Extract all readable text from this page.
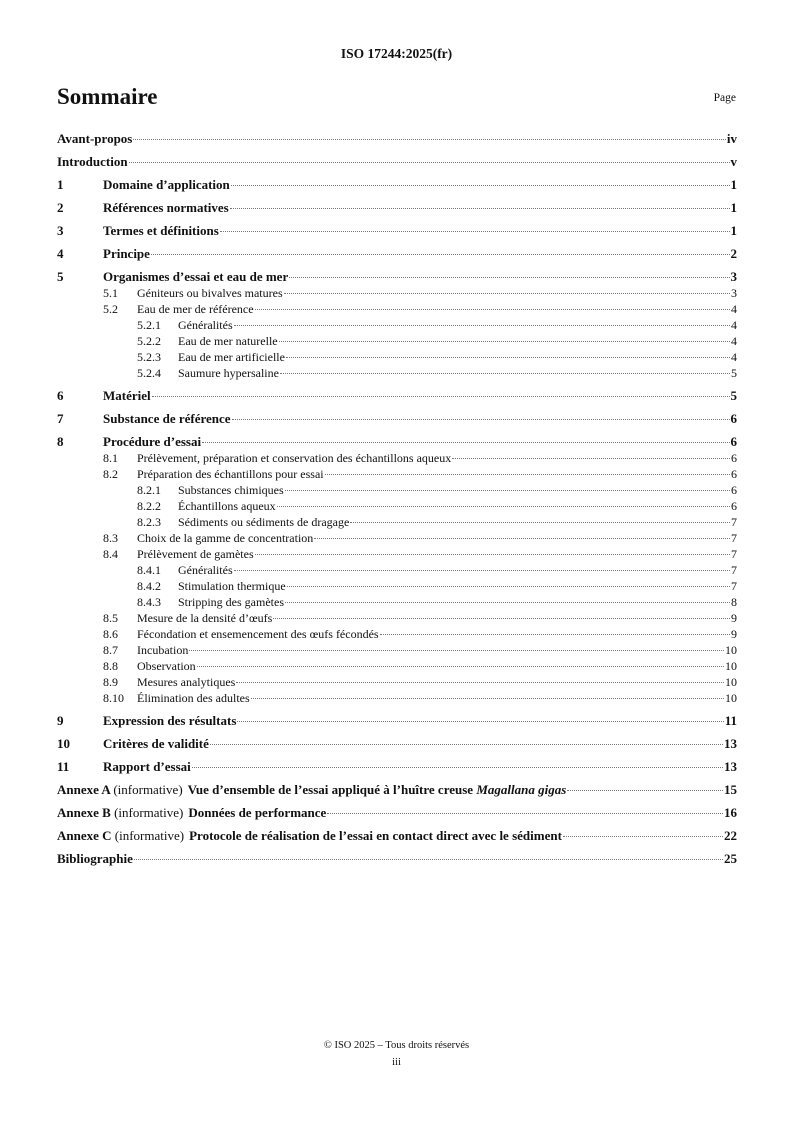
ISO 17244:2025(fr)
Sommaire	Page
Avant-propos	iv
Introduction	v
1	Domaine d’application	1
2	Références normatives	1
3	Termes et définitions	1
4	Principe	2
5	Organismes d’essai et eau de mer	3
5.1	Géniteurs ou bivalves matures	3
5.2	Eau de mer de référence	4
5.2.1	Généralités	4
5.2.2	Eau de mer naturelle	4
5.2.3	Eau de mer artificielle	4
5.2.4	Saumure hypersaline	5
6	Matériel	5
7	Substance de référence	6
8	Procédure d’essai	6
8.1	Prélèvement, préparation et conservation des échantillons aqueux	6
8.2	Préparation des échantillons pour essai	6
8.2.1	Substances chimiques	6
8.2.2	Échantillons aqueux	6
8.2.3	Sédiments ou sédiments de dragage	7
8.3	Choix de la gamme de concentration	7
8.4	Prélèvement de gamètes	7
8.4.1	Généralités	7
8.4.2	Stimulation thermique	7
8.4.3	Stripping des gamètes	8
8.5	Mesure de la densité d’œufs	9
8.6	Fécondation et ensemencement des œufs fécondés	9
8.7	Incubation	10
8.8	Observation	10
8.9	Mesures analytiques	10
8.10	Élimination des adultes	10
9	Expression des résultats	11
10	Critères de validité	13
11	Rapport d’essai	13
Annexe A (informative) Vue d’ensemble de l’essai appliqué à l’huître creuse Magallana gigas	15
Annexe B (informative) Données de performance	16
Annexe C (informative) Protocole de réalisation de l’essai en contact direct avec le sédiment	22
Bibliographie	25
© ISO 2025 – Tous droits réservés
iii
